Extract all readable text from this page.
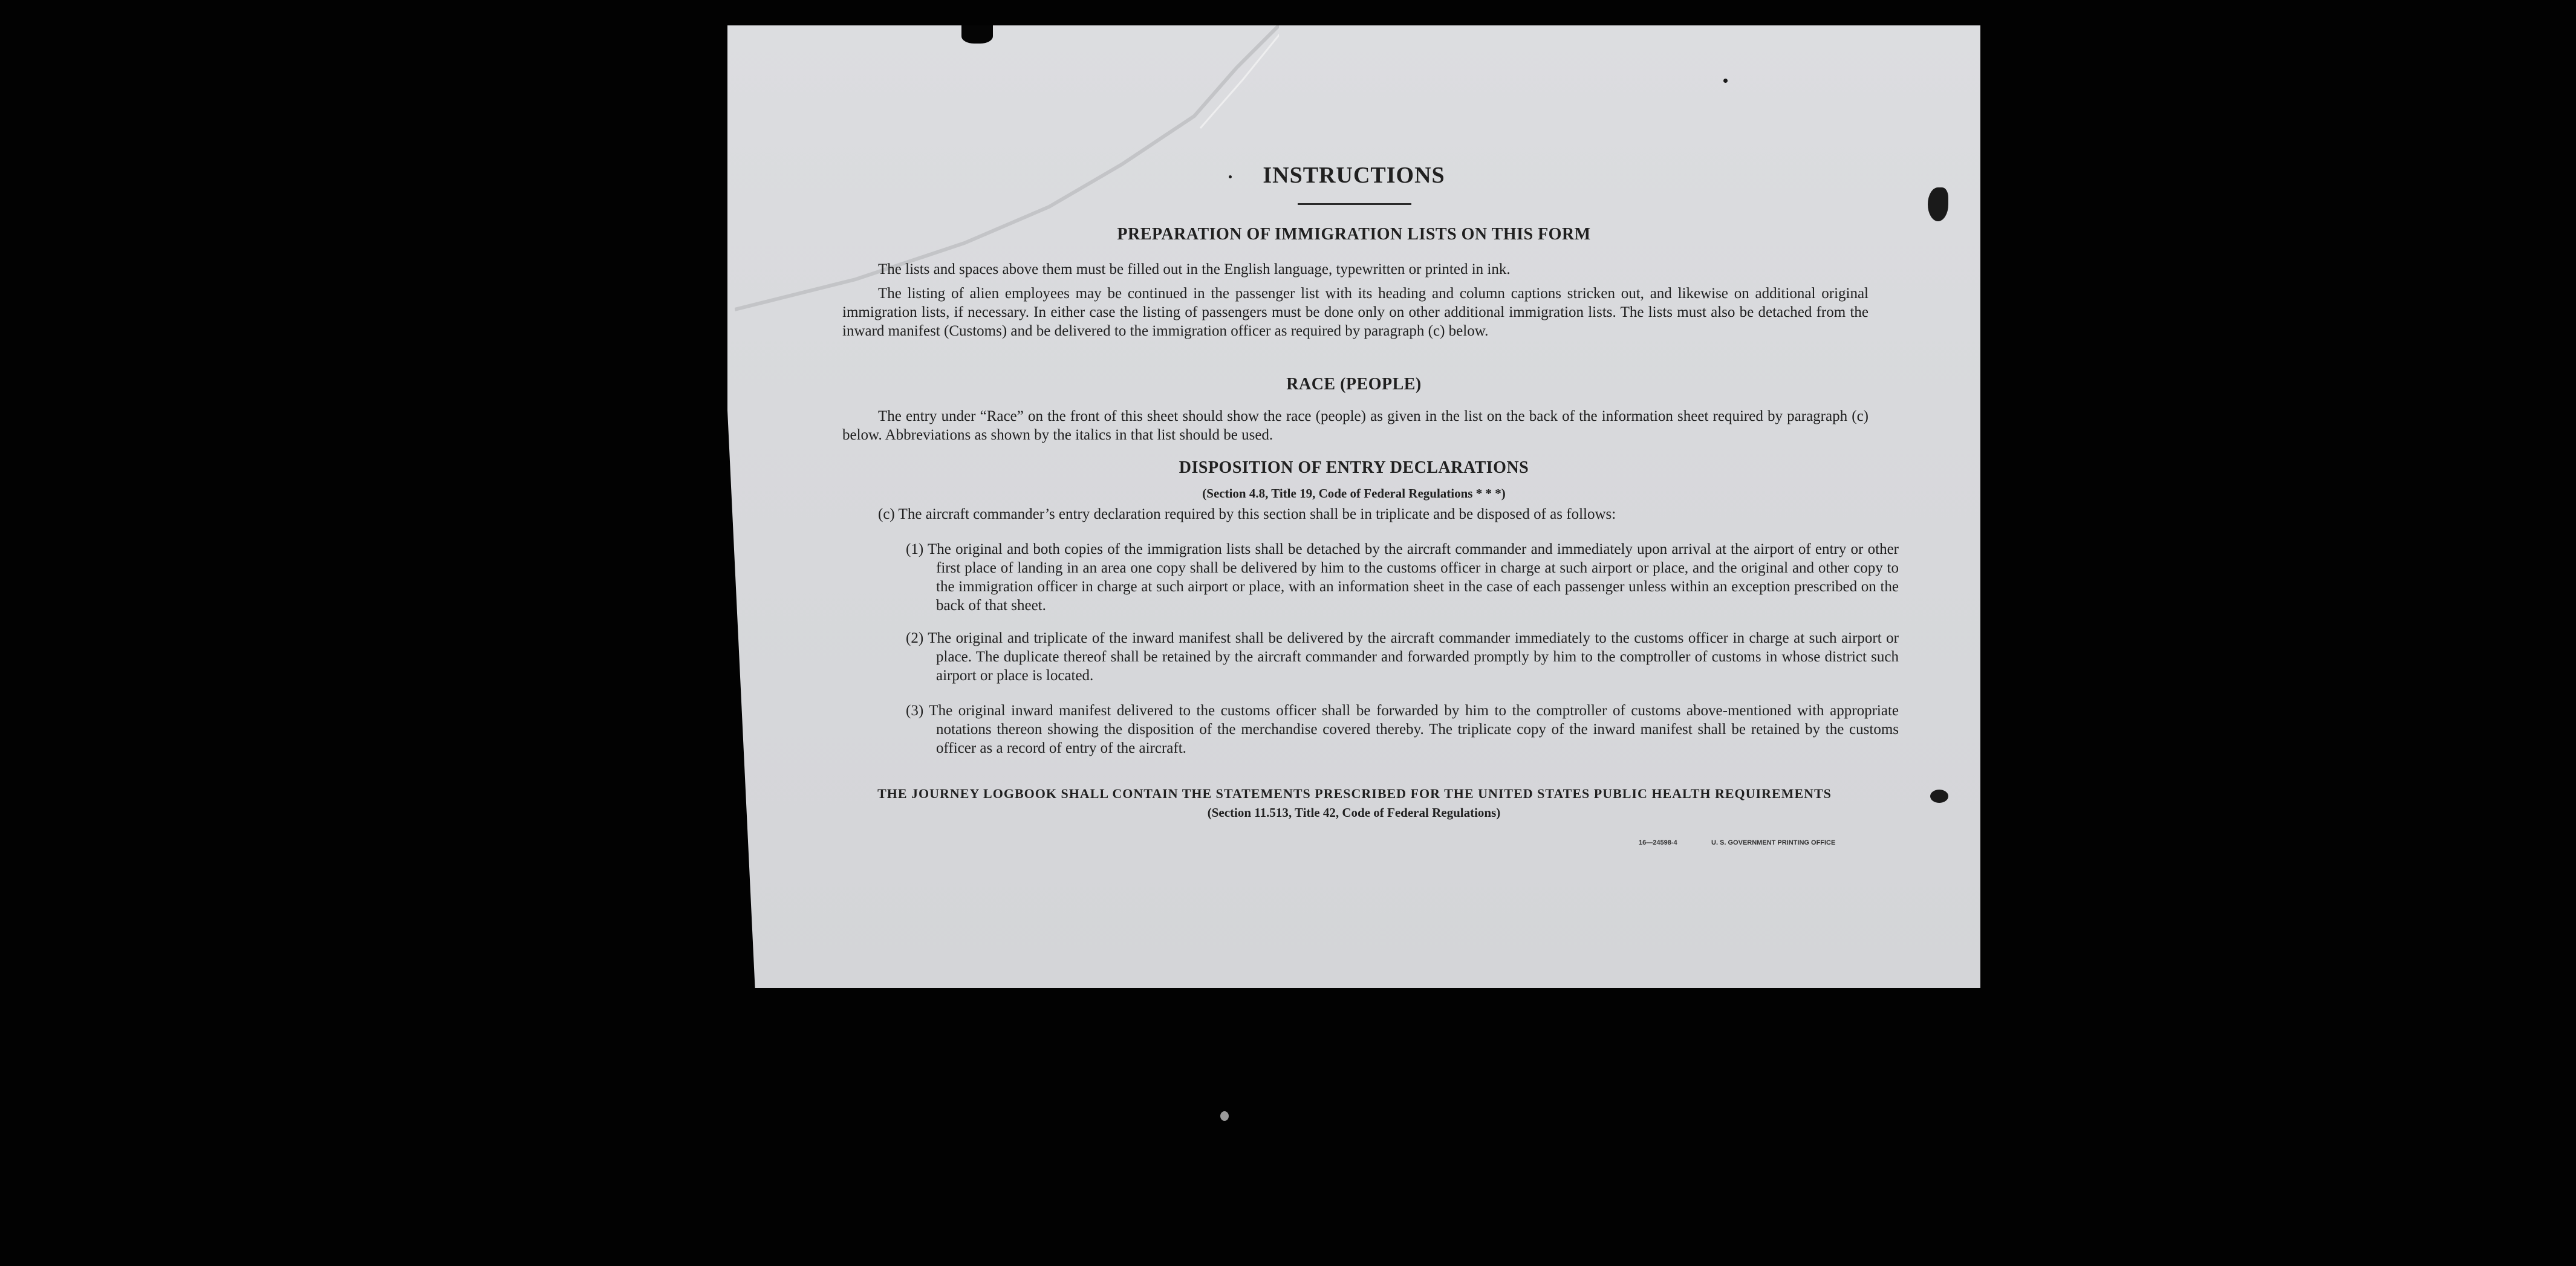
INSTRUCTIONS
PREPARATION OF IMMIGRATION LISTS ON THIS FORM
The lists and spaces above them must be filled out in the English language, typewritten or printed in ink.
The listing of alien employees may be continued in the passenger list with its heading and column captions stricken out, and likewise on additional original immigration lists, if necessary. In either case the listing of passengers must be done only on other additional immigration lists. The lists must also be detached from the inward manifest (Customs) and be delivered to the immigration officer as required by paragraph (c) below.
RACE (PEOPLE)
The entry under “Race” on the front of this sheet should show the race (people) as given in the list on the back of the information sheet required by paragraph (c) below. Abbreviations as shown by the italics in that list should be used.
DISPOSITION OF ENTRY DECLARATIONS
(Section 4.8, Title 19, Code of Federal Regulations * * *)
(c) The aircraft commander’s entry declaration required by this section shall be in triplicate and be disposed of as follows:
(1) The original and both copies of the immigration lists shall be detached by the aircraft commander and immediately upon arrival at the airport of entry or other first place of landing in an area one copy shall be delivered by him to the customs officer in charge at such airport or place, and the original and other copy to the immigration officer in charge at such airport or place, with an information sheet in the case of each passenger unless within an exception prescribed on the back of that sheet.
(2) The original and triplicate of the inward manifest shall be delivered by the aircraft commander immediately to the customs officer in charge at such airport or place. The duplicate thereof shall be retained by the aircraft commander and forwarded promptly by him to the comptroller of customs in whose district such airport or place is located.
(3) The original inward manifest delivered to the customs officer shall be forwarded by him to the comptroller of customs above-mentioned with appropriate notations thereon showing the disposition of the merchandise covered thereby. The triplicate copy of the inward manifest shall be retained by the customs officer as a record of entry of the aircraft.
THE JOURNEY LOGBOOK SHALL CONTAIN THE STATEMENTS PRESCRIBED FOR THE UNITED STATES PUBLIC HEALTH REQUIREMENTS
(Section 11.513, Title 42, Code of Federal Regulations)
16—24598-4	U. S. GOVERNMENT PRINTING OFFICE
